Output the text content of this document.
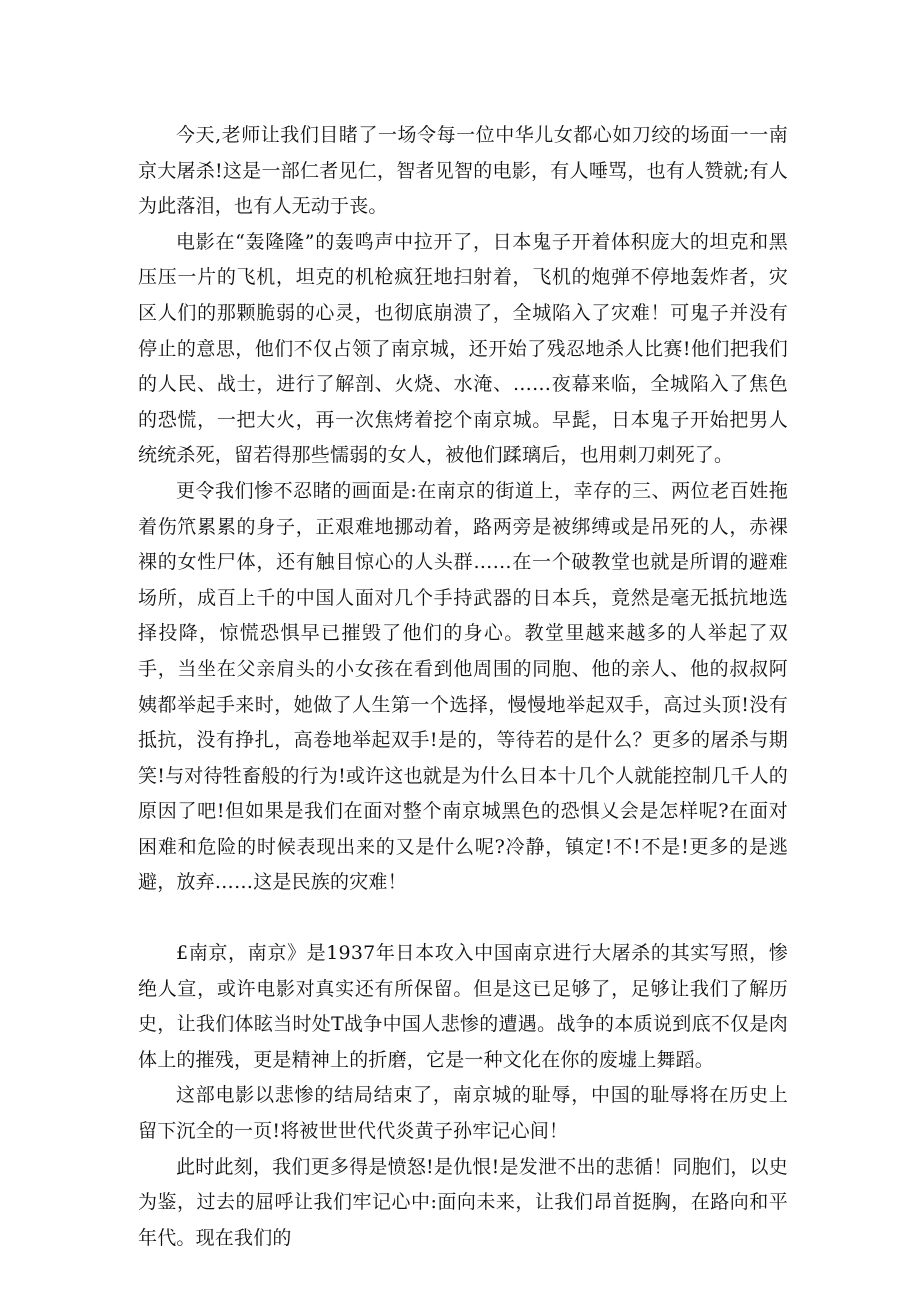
今天,老师让我们目睹了一场令每一位中华儿女都心如刀绞的场面一一南京大屠杀!这是一部仁者见仁，智者见智的电影，有人唾骂，也有人赞就;有人为此落泪，也有人无动于丧。

电影在“轰隆隆”的轰鸣声中拉开了，日本鬼子开着体积庞大的坦克和黑压压一片的飞机，坦克的机枪疯狂地扫射着，飞机的炮弹不停地轰炸者，灾区人们的那颗脆弱的心灵，也彻底崩溃了，全城陷入了灾难！可鬼子并没有停止的意思，他们不仅占领了南京城，还开始了残忍地杀人比赛!他们把我们的人民、战士，进行了解剖、火烧、水淹、……夜幕来临，全城陷入了焦色的恐慌，一把大火，再一次焦烤着挖个南京城。早髭，日本鬼子开始把男人统统杀死，留若得那些懦弱的女人，被他们蹂璃后，也用刺刀刺死了。

更令我们惨不忍睹的画面是:在南京的街道上，幸存的三、两位老百姓拖着伤笊累累的身子，正艰难地挪动着，路两旁是被绑缚或是吊死的人，赤裸裸的女性尸体，还有触目惊心的人头群……在一个破教堂也就是所谓的避难场所，成百上千的中国人面对几个手持武器的日本兵，竟然是毫无抵抗地选择投降，惊慌恐惧早已摧毁了他们的身心。教堂里越来越多的人举起了双手，当坐在父亲肩头的小女孩在看到他周围的同胞、他的亲人、他的叔叔阿姨都举起手来时，她做了人生第一个选择，慢慢地举起双手，高过头顶!没有抵抗，没有挣扎，高卷地举起双手!是的，等待若的是什么？更多的屠杀与期笑!与对待牲畜般的行为!或许这也就是为什么日本十几个人就能控制几千人的原因了吧!但如果是我们在面对整个南京城黑色的恐惧乂会是怎样呢?在面对困难和危险的时候表现出来的又是什么呢?冷静，镇定!不!不是!更多的是逃避，放弃……这是民族的灾难！

£南京，南京》是1937年日本攻入中国南京进行大屠杀的其实写照，惨绝人宣，或许电影对真实还有所保留。但是这已足够了，足够让我们了解历史，让我们体眩当时处T战争中国人悲惨的遭遇。战争的本质说到底不仅是肉体上的摧残，更是精神上的折磨，它是一种文化在你的废墟上舞蹈。

这部电影以悲惨的结局结束了，南京城的耻辱，中国的耻辱将在历史上留下沉全的一页!将被世世代代炎黄子孙牢记心间！

此时此刻，我们更多得是愤怒!是仇恨!是发泄不出的悲循！同胞们，以史为鉴，过去的屈呼让我们牢记心中:面向未来，让我们昂首挺胸，在路向和平年代。现在我们的
